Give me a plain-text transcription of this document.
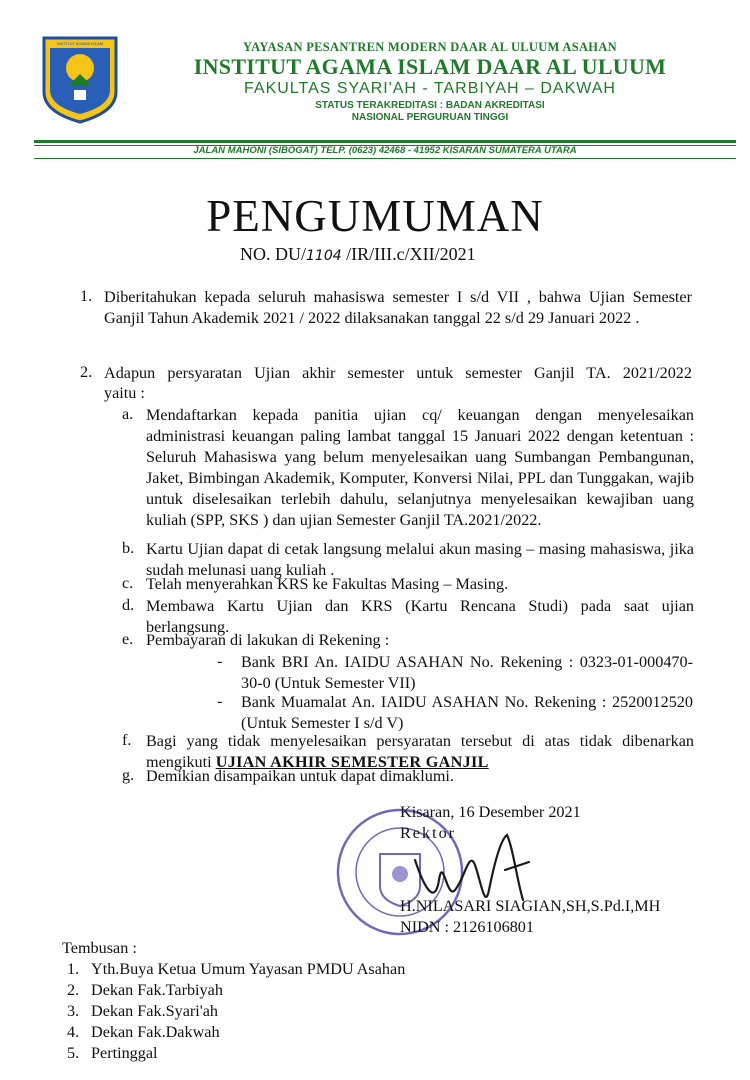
INSTITUT AGAMA ISLAM	YAYASAN PESANTREN MODERN DAAR AL ULUUM ASAHAN
INSTITUT AGAMA ISLAM DAAR AL ULUUM
FAKULTAS SYARI'AH - TARBIYAH – DAKWAH
STATUS TERAKREDITASI : BADAN AKREDITASI
NASIONAL PERGURUAN TINGGI
JALAN MAHONI (SIBOGAT) TELP. (0623) 42468 - 41952 KISARAN SUMATERA UTARA
PENGUMUMAN
NO. DU/1104 /IR/III.c/XII/2021
1. Diberitahukan kepada seluruh mahasiswa semester I s/d VII , bahwa Ujian Semester Ganjil Tahun Akademik 2021 / 2022 dilaksanakan tanggal 22 s/d 29 Januari 2022 .
2. Adapun persyaratan Ujian akhir semester untuk semester Ganjil TA. 2021/2022
yaitu :
a. Mendaftarkan kepada panitia ujian cq/ keuangan dengan menyelesaikan administrasi keuangan paling lambat tanggal 15 Januari 2022 dengan ketentuan : Seluruh Mahasiswa yang belum menyelesaikan uang Sumbangan Pembangunan, Jaket, Bimbingan Akademik, Komputer, Konversi Nilai, PPL dan Tunggakan, wajib untuk diselesaikan terlebih dahulu, selanjutnya menyelesaikan kewajiban uang kuliah (SPP, SKS ) dan ujian Semester Ganjil TA.2021/2022.
b. Kartu Ujian dapat di cetak langsung melalui akun masing – masing mahasiswa, jika sudah melunasi uang kuliah .
c. Telah menyerahkan KRS ke Fakultas Masing – Masing.
d. Membawa Kartu Ujian dan KRS (Kartu Rencana Studi) pada saat ujian berlangsung.
e. Pembayaran di lakukan di Rekening :
- Bank BRI An. IAIDU ASAHAN No. Rekening : 0323-01-000470-30-0 (Untuk Semester VII)
- Bank Muamalat An. IAIDU ASAHAN No. Rekening : 2520012520 (Untuk Semester I s/d V)
f. Bagi yang tidak menyelesaikan persyaratan tersebut di atas tidak dibenarkan mengikuti UJIAN AKHIR SEMESTER GANJIL
g. Demikian disampaikan untuk dapat dimaklumi.
Kisaran, 16 Desember 2021
Rektor
H.NILASARI SIAGIAN,SH,S.Pd.I,MH
NIDN : 2126106801
Tembusan :
1. Yth.Buya Ketua Umum Yayasan PMDU Asahan
2. Dekan Fak.Tarbiyah
3. Dekan Fak.Syari'ah
4. Dekan Fak.Dakwah
5. Pertinggal
